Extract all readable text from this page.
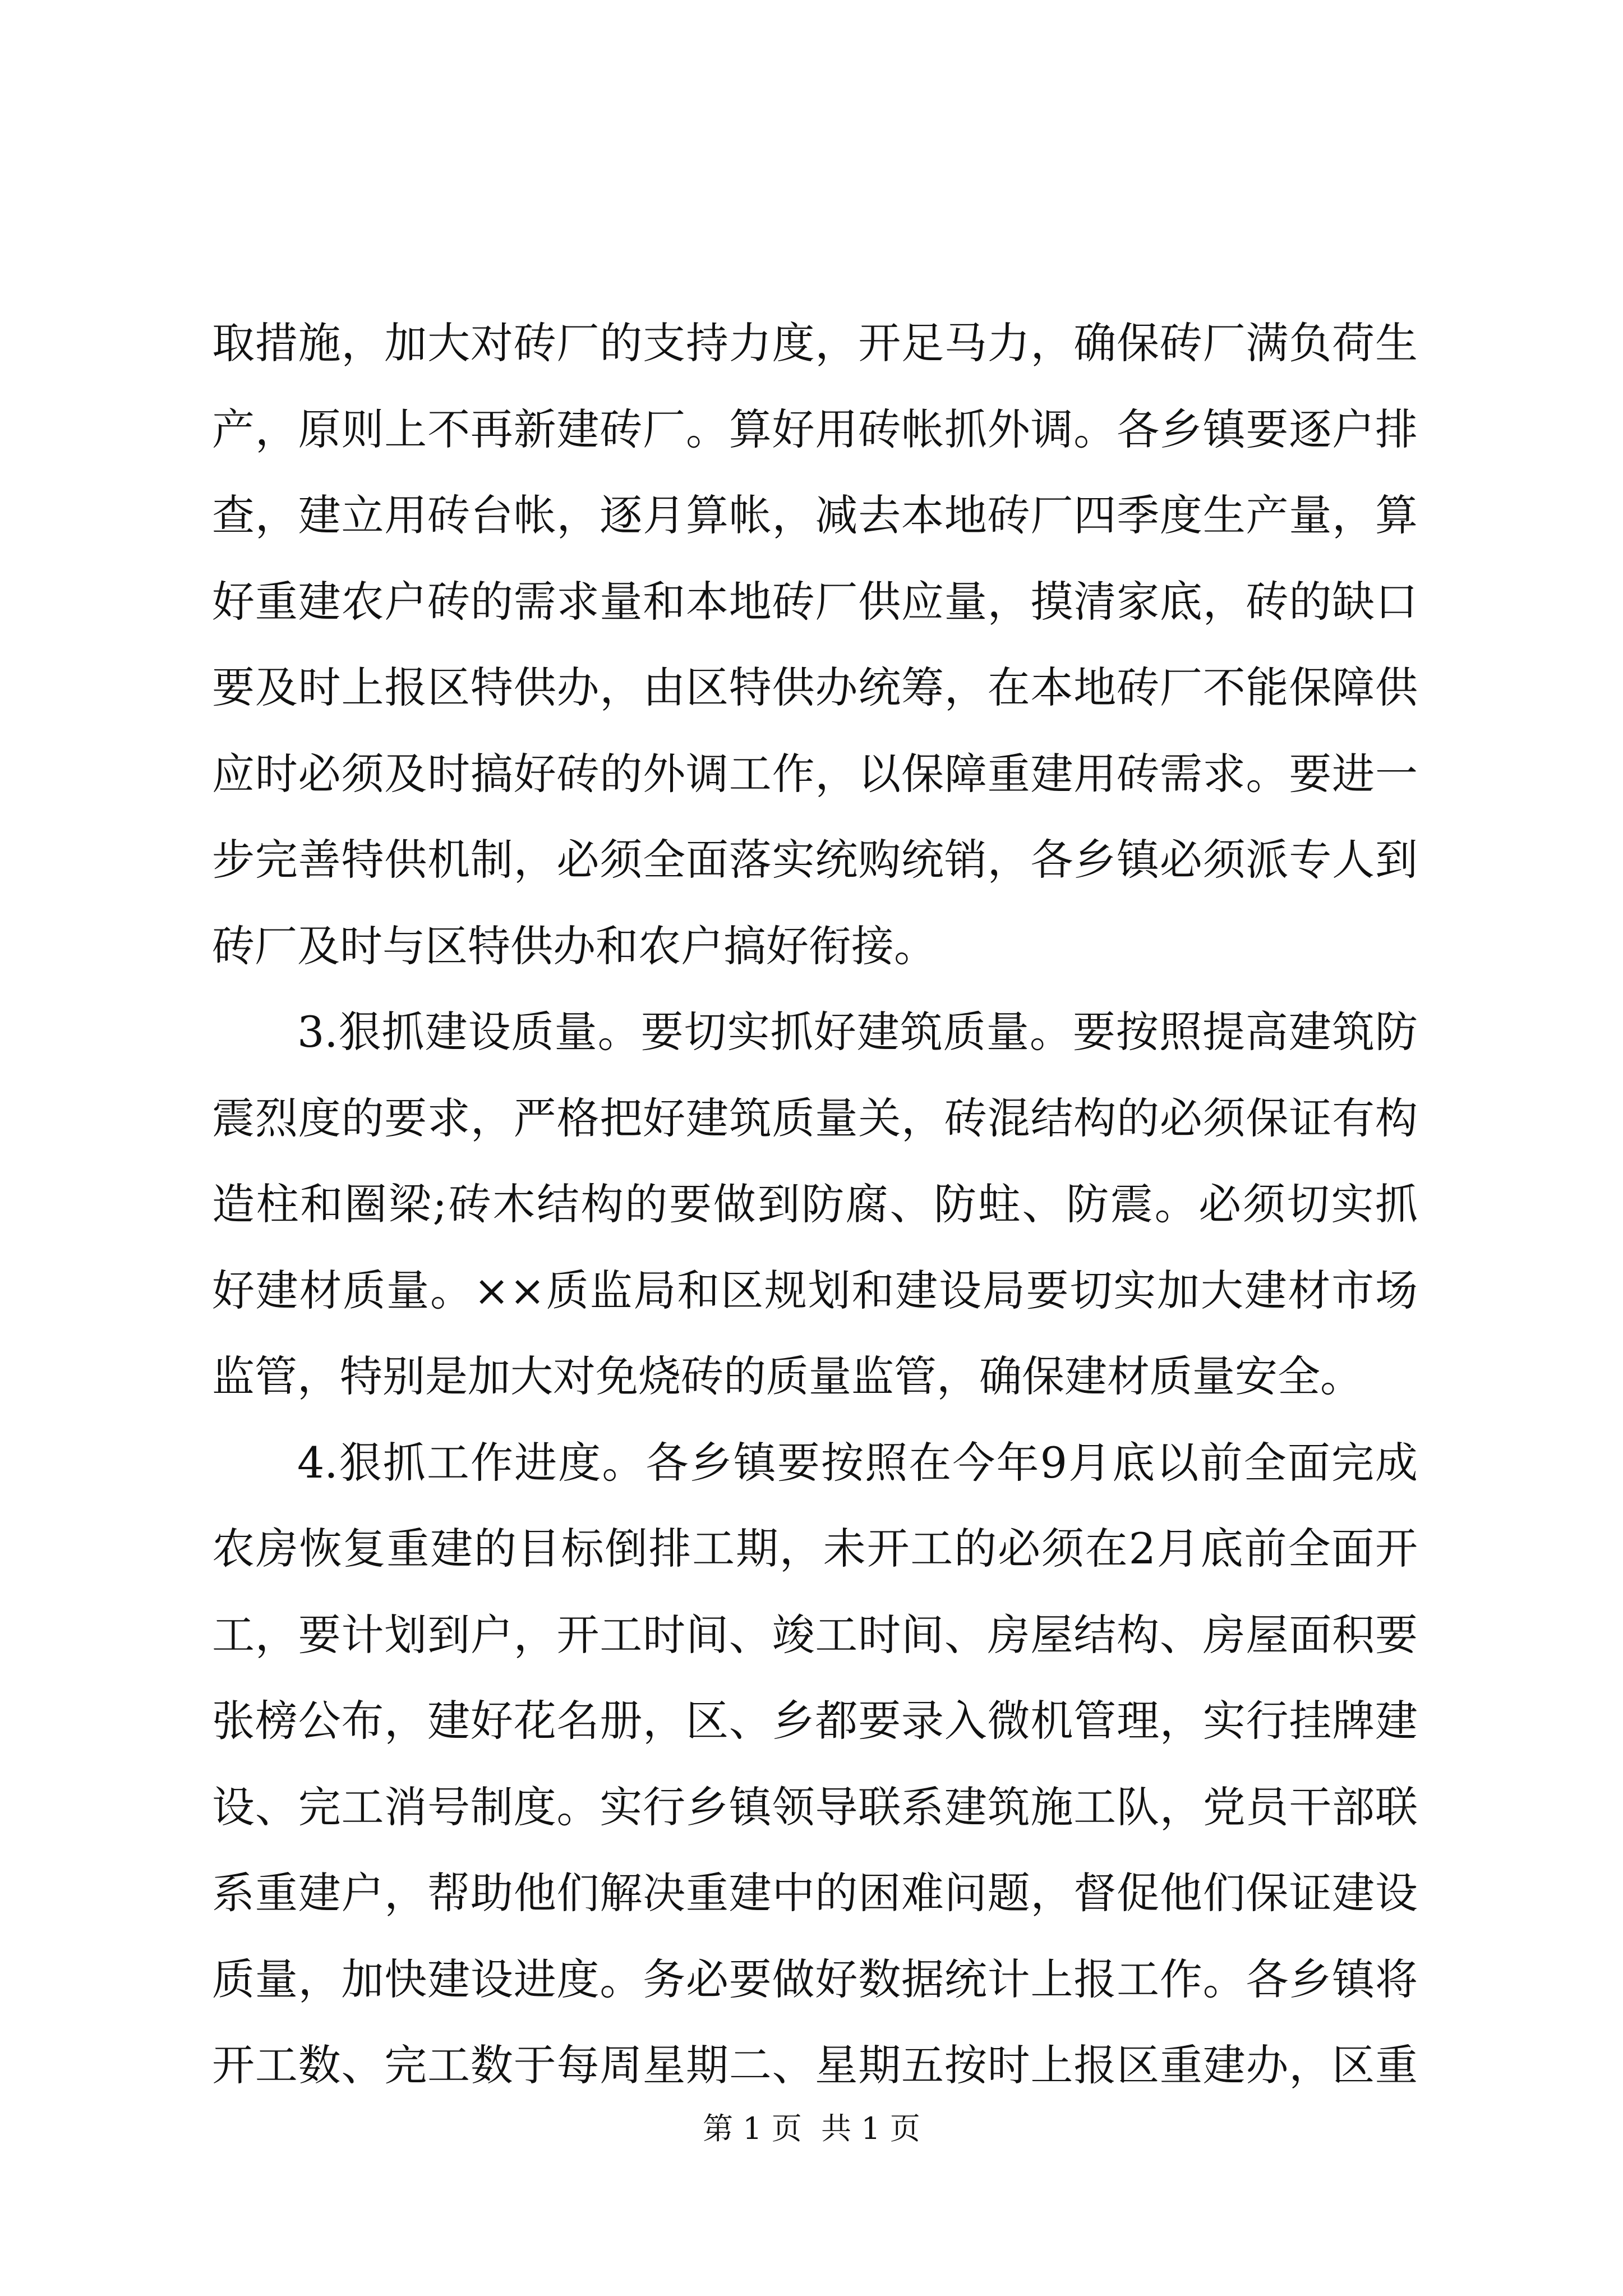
取措施，加大对砖厂的支持力度，开足马力，确保砖厂满负荷生
产，原则上不再新建砖厂。算好用砖帐抓外调。各乡镇要逐户排
查，建立用砖台帐，逐月算帐，减去本地砖厂四季度生产量，算
好重建农户砖的需求量和本地砖厂供应量，摸清家底，砖的缺口
要及时上报区特供办，由区特供办统筹，在本地砖厂不能保障供
应时必须及时搞好砖的外调工作，以保障重建用砖需求。要进一
步完善特供机制，必须全面落实统购统销，各乡镇必须派专人到
砖厂及时与区特供办和农户搞好衔接。

3.狠抓建设质量。要切实抓好建筑质量。要按照提高建筑防
震烈度的要求，严格把好建筑质量关，砖混结构的必须保证有构
造柱和圈梁;砖木结构的要做到防腐、防蛀、防震。必须切实抓
好建材质量。××质监局和区规划和建设局要切实加大建材市场
监管，特别是加大对免烧砖的质量监管，确保建材质量安全。

4.狠抓工作进度。各乡镇要按照在今年9月底以前全面完成
农房恢复重建的目标倒排工期，未开工的必须在2月底前全面开
工，要计划到户，开工时间、竣工时间、房屋结构、房屋面积要
张榜公布，建好花名册，区、乡都要录入微机管理，实行挂牌建
设、完工消号制度。实行乡镇领导联系建筑施工队，党员干部联
系重建户，帮助他们解决重建中的困难问题，督促他们保证建设
质量，加快建设进度。务必要做好数据统计上报工作。各乡镇将
开工数、完工数于每周星期二、星期五按时上报区重建办，区重

第 1 页  共 1 页
